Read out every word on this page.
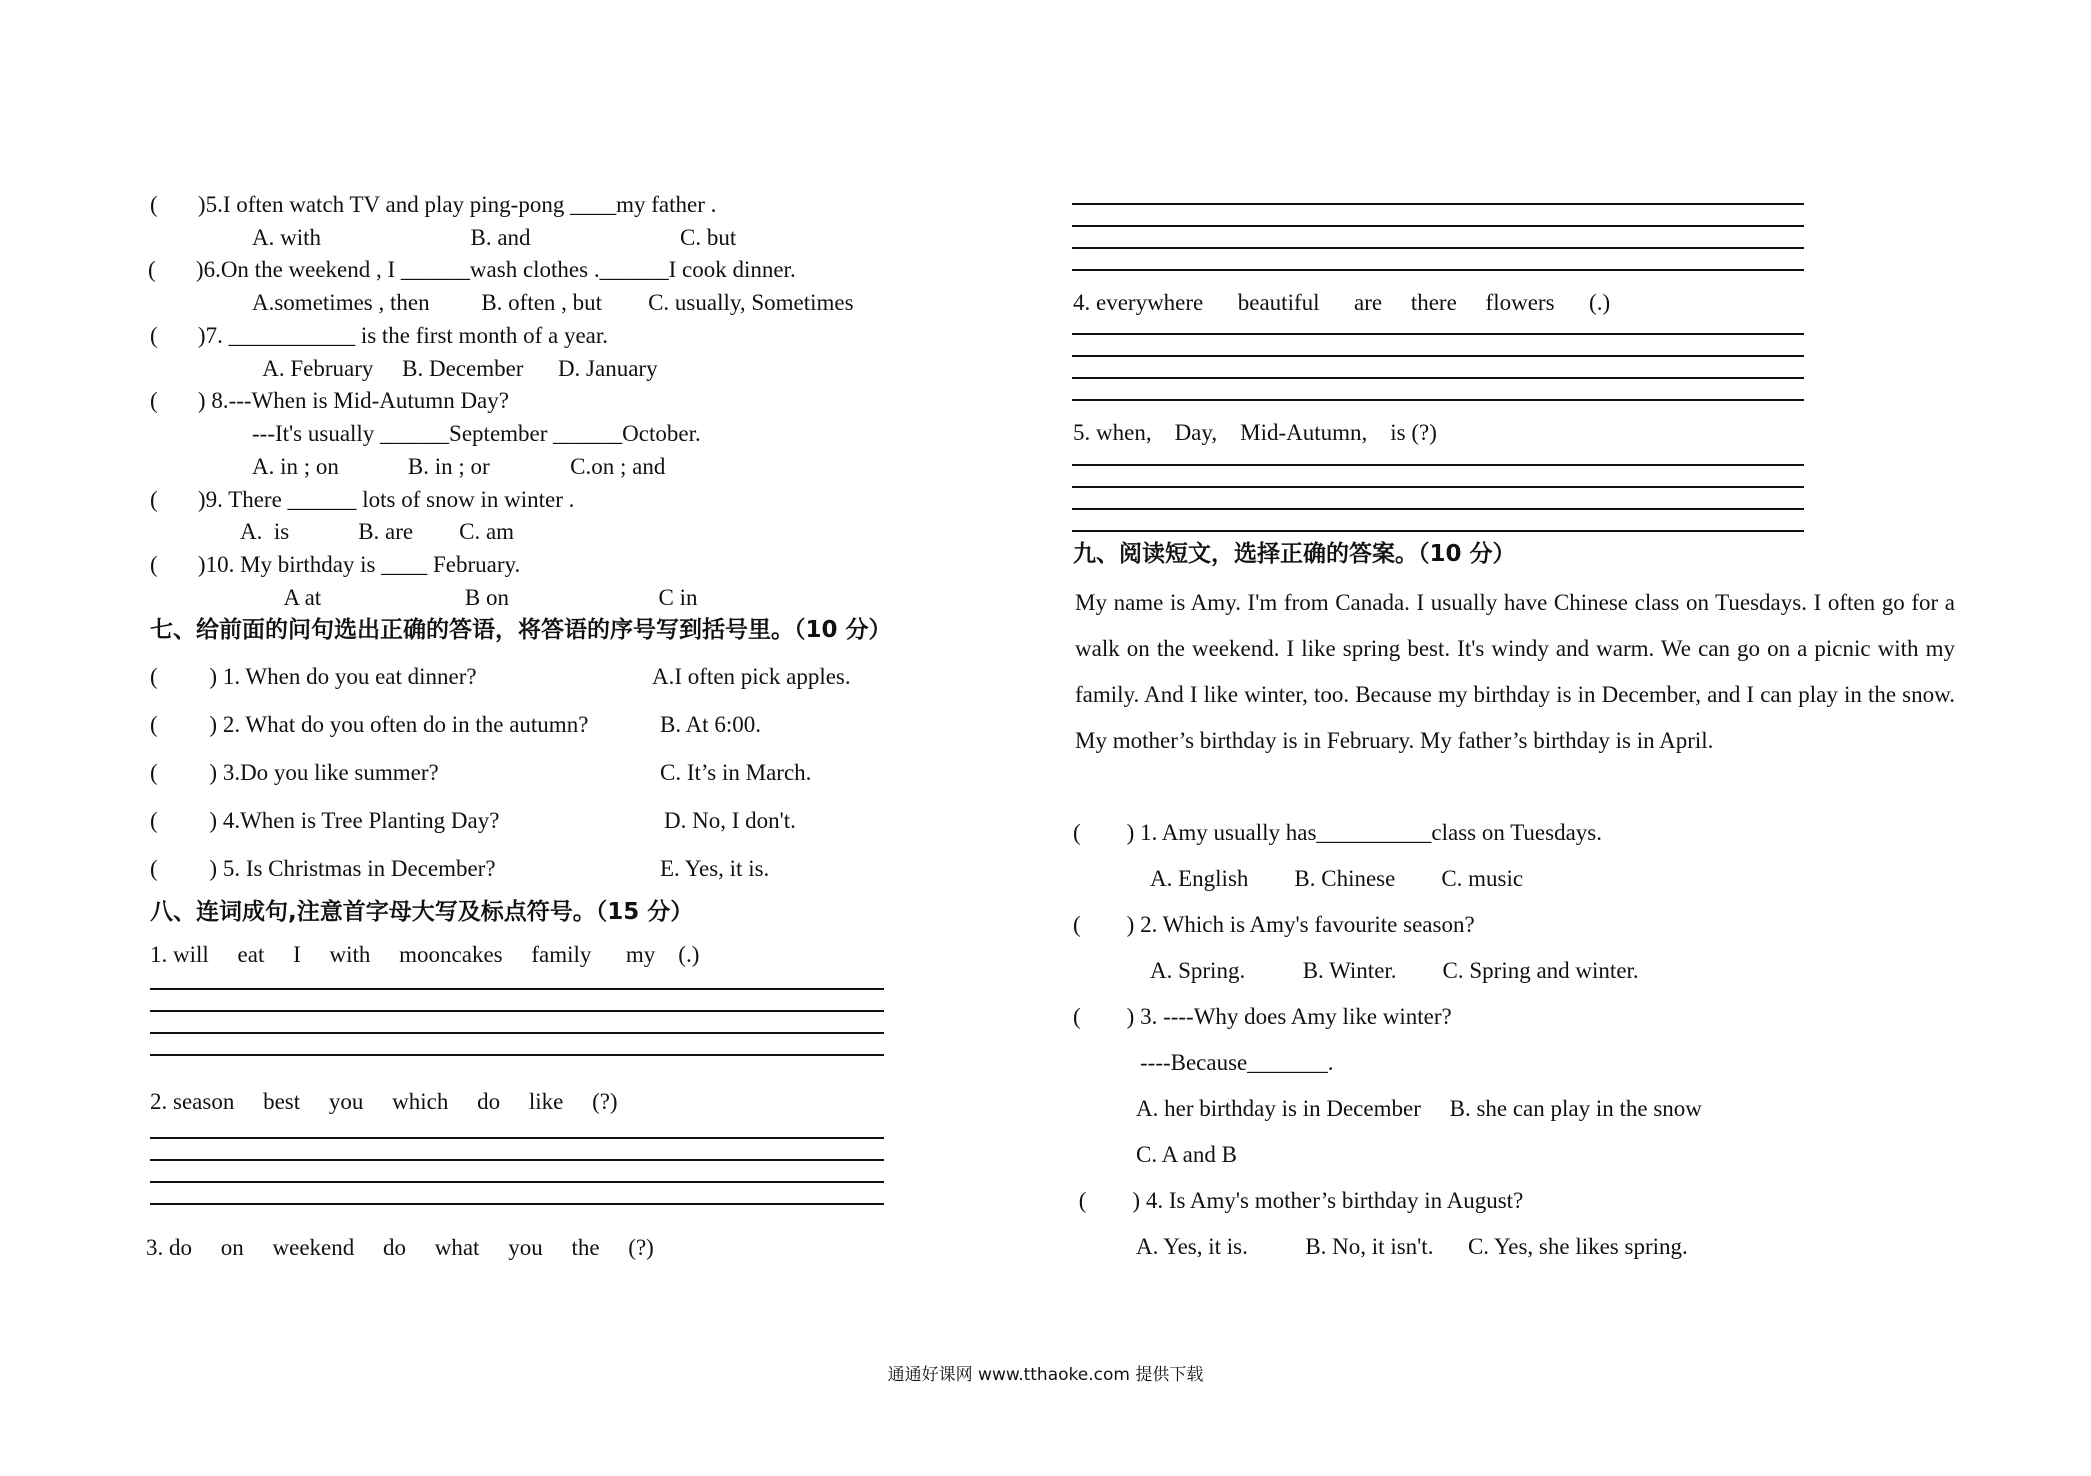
(       )5.I often watch TV and play ping-pong ____my father .
A. with                          B. and                          C. but
(       )6.On the weekend , I ______wash clothes .______I cook dinner.
A.sometimes , then         B. often , but        C. usually, Sometimes
(       )7. ___________ is the first month of a year.
A. February     B. December      D. January
(       ) 8.---When is Mid-Autumn Day?
---It's usually ______September ______October.
A. in ; on            B. in ; or              C.on ; and
(       )9. There ______ lots of snow in winter .
A.  is            B. are        C. am
(       )10. My birthday is ____ February.
A at                         B on                          C in
七、给前面的问句选出正确的答语，将答语的序号写到括号里。（10 分）
(         ) 1. When do you eat dinner?	A.I often pick apples.
(         ) 2. What do you often do in the autumn?	B. At 6:00.
(         ) 3.Do you like summer?	C. It’s in March.
(         ) 4.When is Tree Planting Day?	D. No, I don't.
(         ) 5. Is Christmas in December?	E. Yes, it is.
八、连词成句,注意首字母大写及标点符号。（15 分）
1. will     eat     I     with     mooncakes     family      my    (.)
2. season     best     you     which     do     like     (?)
3. do     on     weekend     do     what     you     the     (?)
4. everywhere      beautiful      are     there     flowers      (.)
5. when,    Day,    Mid-Autumn,    is (?)
九、阅读短文，选择正确的答案。（10 分）
My name is Amy. I'm from Canada. I usually have Chinese class on Tuesdays. I often go for a walk on the weekend. I like spring best. It's windy and warm. We can go on a picnic with my family. And I like winter, too. Because my birthday is in December, and I can play in the snow. My mother’s birthday is in February. My father’s birthday is in April.
(        ) 1. Amy usually has__________class on Tuesdays.
A. English        B. Chinese        C. music
(        ) 2. Which is Amy's favourite season?
A. Spring.          B. Winter.        C. Spring and winter.
(        ) 3. ----Why does Amy like winter?
----Because_______.
A. her birthday is in December     B. she can play in the snow
C. A and B
(        ) 4. Is Amy's mother’s birthday in August?
A. Yes, it is.          B. No, it isn't.      C. Yes, she likes spring.
通通好课网 www.tthaoke.com 提供下载
